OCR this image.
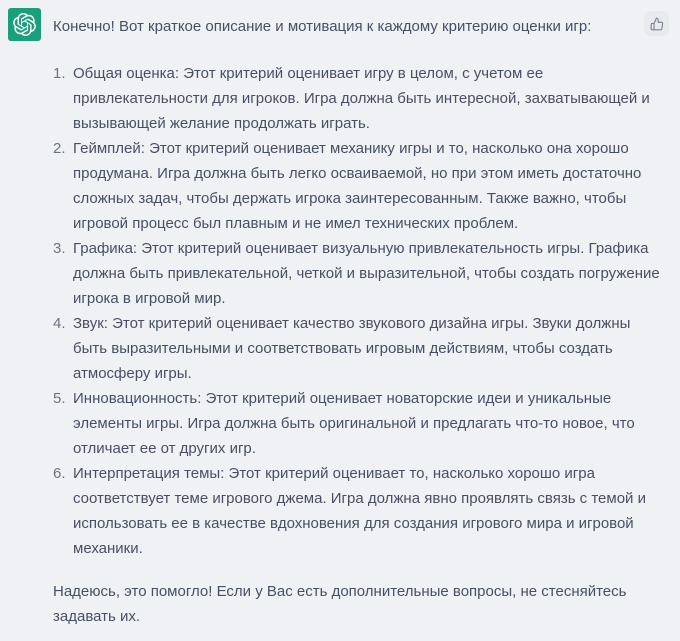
Конечно! Вот краткое описание и мотивация к каждому критерию оценки игр:

1. Общая оценка: Этот критерий оценивает игру в целом, с учетом ее привлекательности для игроков. Игра должна быть интересной, захватывающей и вызывающей желание продолжать играть.
2. Геймплей: Этот критерий оценивает механику игры и то, насколько она хорошо продумана. Игра должна быть легко осваиваемой, но при этом иметь достаточно сложных задач, чтобы держать игрока заинтересованным. Также важно, чтобы игровой процесс был плавным и не имел технических проблем.
3. Графика: Этот критерий оценивает визуальную привлекательность игры. Графика должна быть привлекательной, четкой и выразительной, чтобы создать погружение игрока в игровой мир.
4. Звук: Этот критерий оценивает качество звукового дизайна игры. Звуки должны быть выразительными и соответствовать игровым действиям, чтобы создать атмосферу игры.
5. Инновационность: Этот критерий оценивает новаторские идеи и уникальные элементы игры. Игра должна быть оригинальной и предлагать что-то новое, что отличает ее от других игр.
6. Интерпретация темы: Этот критерий оценивает то, насколько хорошо игра соответствует теме игрового джема. Игра должна явно проявлять связь с темой и использовать ее в качестве вдохновения для создания игрового мира и игровой механики.

Надеюсь, это помогло! Если у Вас есть дополнительные вопросы, не стесняйтесь задавать их.
